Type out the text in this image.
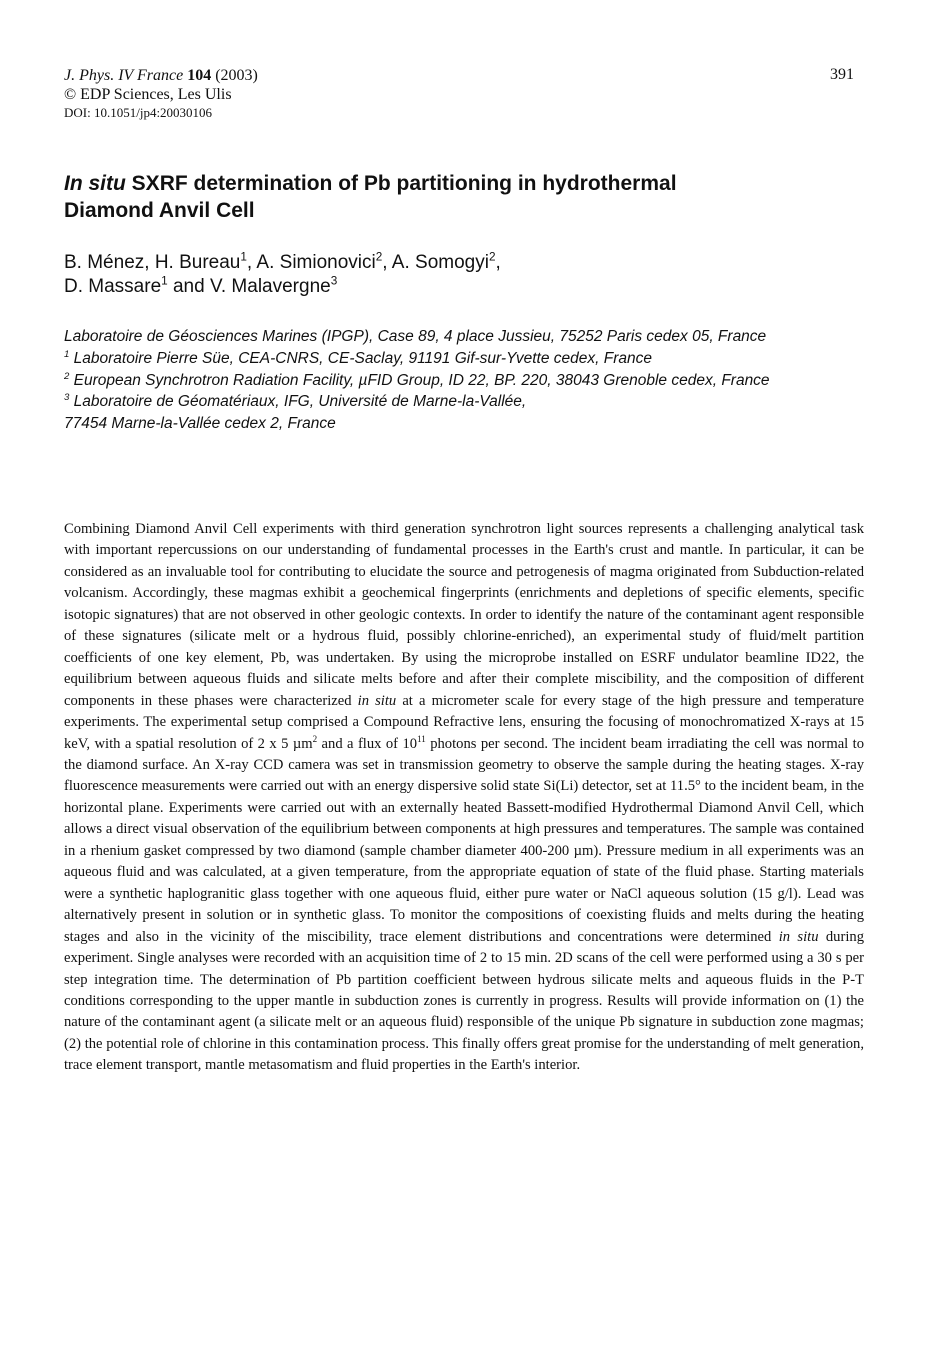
J. Phys. IV France 104 (2003)
© EDP Sciences, Les Ulis
DOI: 10.1051/jp4:20030106
391
In situ SXRF determination of Pb partitioning in hydrothermal
Diamond Anvil Cell
B. Ménez, H. Bureau$^1$, A. Simionovici$^2$, A. Somogyi$^2$,
D. Massare$^1$ and V. Malavergne$^3$
Laboratoire de Géosciences Marines (IPGP), Case 89, 4 place Jussieu, 75252 Paris cedex 05, France
$^1$ Laboratoire Pierre Süe, CEA-CNRS, CE-Saclay, 91191 Gif-sur-Yvette cedex, France
$^2$ European Synchrotron Radiation Facility, µFID Group, ID 22, BP. 220, 38043 Grenoble cedex, France
$^3$ Laboratoire de Géomatériaux, IFG, Université de Marne-la-Vallée,
77454 Marne-la-Vallée cedex 2, France
Combining Diamond Anvil Cell experiments with third generation synchrotron light sources represents a challenging analytical task with important repercussions on our understanding of fundamental processes in the Earth's crust and mantle. In particular, it can be considered as an invaluable tool for contributing to elucidate the source and petrogenesis of magma originated from Subduction-related volcanism. Accordingly, these magmas exhibit a geochemical fingerprints (enrichments and depletions of specific elements, specific isotopic signatures) that are not observed in other geologic contexts. In order to identify the nature of the contaminant agent responsible of these signatures (silicate melt or a hydrous fluid, possibly chlorine-enriched), an experimental study of fluid/melt partition coefficients of one key element, Pb, was undertaken. By using the microprobe installed on ESRF undulator beamline ID22, the equilibrium between aqueous fluids and silicate melts before and after their complete miscibility, and the composition of different components in these phases were characterized in situ at a micrometer scale for every stage of the high pressure and temperature experiments. The experimental setup comprised a Compound Refractive lens, ensuring the focusing of monochromatized X-rays at 15 keV, with a spatial resolution of 2 x 5 µm$^2$ and a flux of $10^{11}$ photons per second. The incident beam irradiating the cell was normal to the diamond surface. An X-ray CCD camera was set in transmission geometry to observe the sample during the heating stages. X-ray fluorescence measurements were carried out with an energy dispersive solid state Si(Li) detector, set at 11.5° to the incident beam, in the horizontal plane. Experiments were carried out with an externally heated Bassett-modified Hydrothermal Diamond Anvil Cell, which allows a direct visual observation of the equilibrium between components at high pressures and temperatures. The sample was contained in a rhenium gasket compressed by two diamond (sample chamber diameter 400-200 µm). Pressure medium in all experiments was an aqueous fluid and was calculated, at a given temperature, from the appropriate equation of state of the fluid phase. Starting materials were a synthetic haplogranitic glass together with one aqueous fluid, either pure water or NaCl aqueous solution (15 g/l). Lead was alternatively present in solution or in synthetic glass. To monitor the compositions of coexisting fluids and melts during the heating stages and also in the vicinity of the miscibility, trace element distributions and concentrations were determined in situ during experiment. Single analyses were recorded with an acquisition time of 2 to 15 min. 2D scans of the cell were performed using a 30 s per step integration time. The determination of Pb partition coefficient between hydrous silicate melts and aqueous fluids in the P-T conditions corresponding to the upper mantle in subduction zones is currently in progress. Results will provide information on (1) the nature of the contaminant agent (a silicate melt or an aqueous fluid) responsible of the unique Pb signature in subduction zone magmas; (2) the potential role of chlorine in this contamination process. This finally offers great promise for the understanding of melt generation, trace element transport, mantle metasomatism and fluid properties in the Earth's interior.
